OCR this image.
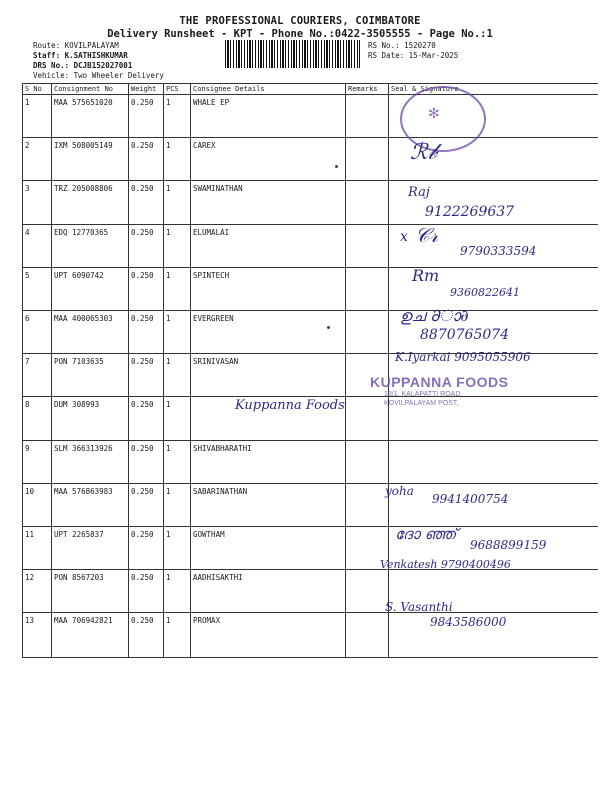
THE PROFESSIONAL COURIERS, COIMBATORE
Delivery Runsheet - KPT - Phone No.:0422-3505555 - Page No.:1
Route: KOVILPALAYAM
Staff: K.SATHISHKUMAR
DRS No.: DCJB152027001
RS No.: 1520270
RS Date: 15-Mar-2025
Vehicle: Two Wheeler Delivery
S No	Consignment No	Weight	PCS	Consignee Details	Remarks	Seal & Signature
1	MAA 575651020	0.250	1	WHALE EP		
2	IXM 508005149	0.250	1	CAREX		
3	TRZ 205008806	0.250	1	SWAMINATHAN		
4	EDQ 12770365	0.250	1	ELUMALAI		
5	UPT 6090742	0.250	1	SPINTECH		
6	MAA 400065303	0.250	1	EVERGREEN		
7	PON 7103635	0.250	1	SRINIVASAN		
8	DUM 308993	0.250	1			
9	SLM 366313926	0.250	1	SHIVABHARATHI		
10	MAA 576863983	0.250	1	SABARINATHAN		
11	UPT 2265837	0.250	1	GOWTHAM		
12	PON 8567203	0.250	1	AADHISAKTHI		
13	MAA 706942821	0.250	1	PROMAX		
✻
ℛ𝒷
Raj
9122269637
x 𝒞𝓇
9790333594
Rm
9360822641
ഉച ∂ാ∂
8870765074
K.Iyarkai 9095055906
Kuppanna Foods
KUPPANNA FOODS
18/1, KALAPATTI ROAD,
KOVILPALAYAM POST,
yoha
9941400754
ദോ ഞ്ഞ്
9688899159
Venkatesh 9790400496
S. Vasanthi
9843586000
